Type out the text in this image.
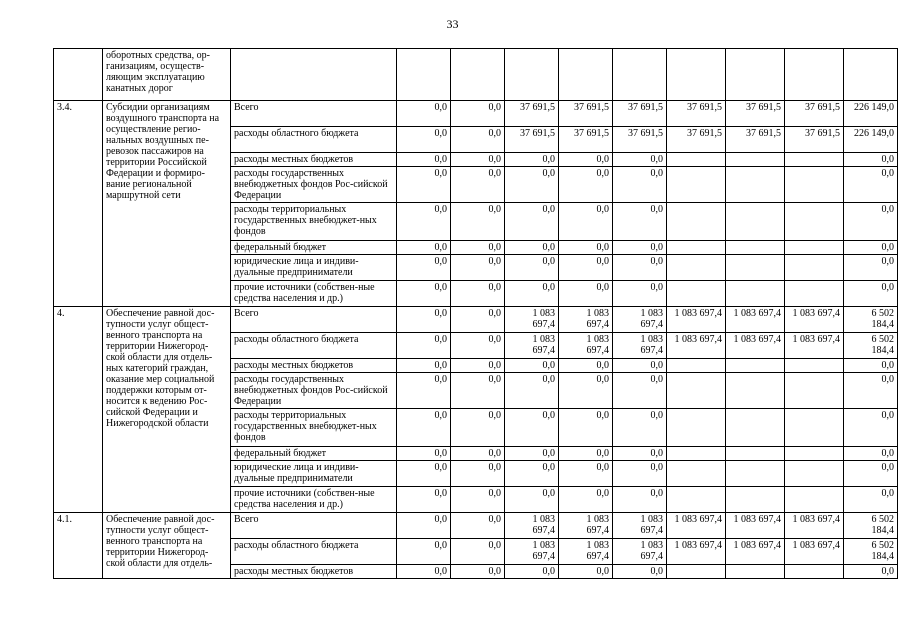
33
	оборотных средства, ор-ганизациям, осуществ-ляющим эксплуатацию канатных дорог										
3.4.	Субсидии организациям воздушного транспорта на осуществление регио-нальных воздушных пе-ревозок пассажиров на территории Российской Федерации и формиро-вание региональной маршрутной сети	Всего	0,0	0,0	37 691,5	37 691,5	37 691,5	37 691,5	37 691,5	37 691,5	226 149,0
		расходы областного бюджета	0,0	0,0	37 691,5	37 691,5	37 691,5	37 691,5	37 691,5	37 691,5	226 149,0
		расходы местных бюджетов	0,0	0,0	0,0	0,0	0,0				0,0
		расходы государственных внебюджетных фондов Рос-сийской Федерации	0,0	0,0	0,0	0,0	0,0				0,0
		расходы территориальных государственных внебюджет-ных фондов	0,0	0,0	0,0	0,0	0,0				0,0
		федеральный бюджет	0,0	0,0	0,0	0,0	0,0				0,0
		юридические лица и индиви-дуальные предприниматели	0,0	0,0	0,0	0,0	0,0				0,0
		прочие источники (собствен-ные средства населения и др.)	0,0	0,0	0,0	0,0	0,0				0,0
4.	Обеспечение равной дос-тупности услуг общест-венного транспорта на территории Нижегород-ской области для отдель-ных категорий граждан, оказание мер социальной поддержки которым от-носится к ведению Рос-сийской Федерации и Нижегородской области	Всего	0,0	0,0	1 083 697,4	1 083 697,4	1 083 697,4	1 083 697,4	1 083 697,4	1 083 697,4	6 502 184,4
		расходы областного бюджета	0,0	0,0	1 083 697,4	1 083 697,4	1 083 697,4	1 083 697,4	1 083 697,4	1 083 697,4	6 502 184,4
		расходы местных бюджетов	0,0	0,0	0,0	0,0	0,0				0,0
		расходы государственных внебюджетных фондов Рос-сийской Федерации	0,0	0,0	0,0	0,0	0,0				0,0
		расходы территориальных государственных внебюджет-ных фондов	0,0	0,0	0,0	0,0	0,0				0,0
		федеральный бюджет	0,0	0,0	0,0	0,0	0,0				0,0
		юридические лица и индиви-дуальные предприниматели	0,0	0,0	0,0	0,0	0,0				0,0
		прочие источники (собствен-ные средства населения и др.)	0,0	0,0	0,0	0,0	0,0				0,0
4.1.	Обеспечение равной дос-тупности услуг общест-венного транспорта на территории Нижегород-ской области для отдель-	Всего	0,0	0,0	1 083 697,4	1 083 697,4	1 083 697,4	1 083 697,4	1 083 697,4	1 083 697,4	6 502 184,4
		расходы областного бюджета	0,0	0,0	1 083 697,4	1 083 697,4	1 083 697,4	1 083 697,4	1 083 697,4	1 083 697,4	6 502 184,4
		расходы местных бюджетов	0,0	0,0	0,0	0,0	0,0				0,0
